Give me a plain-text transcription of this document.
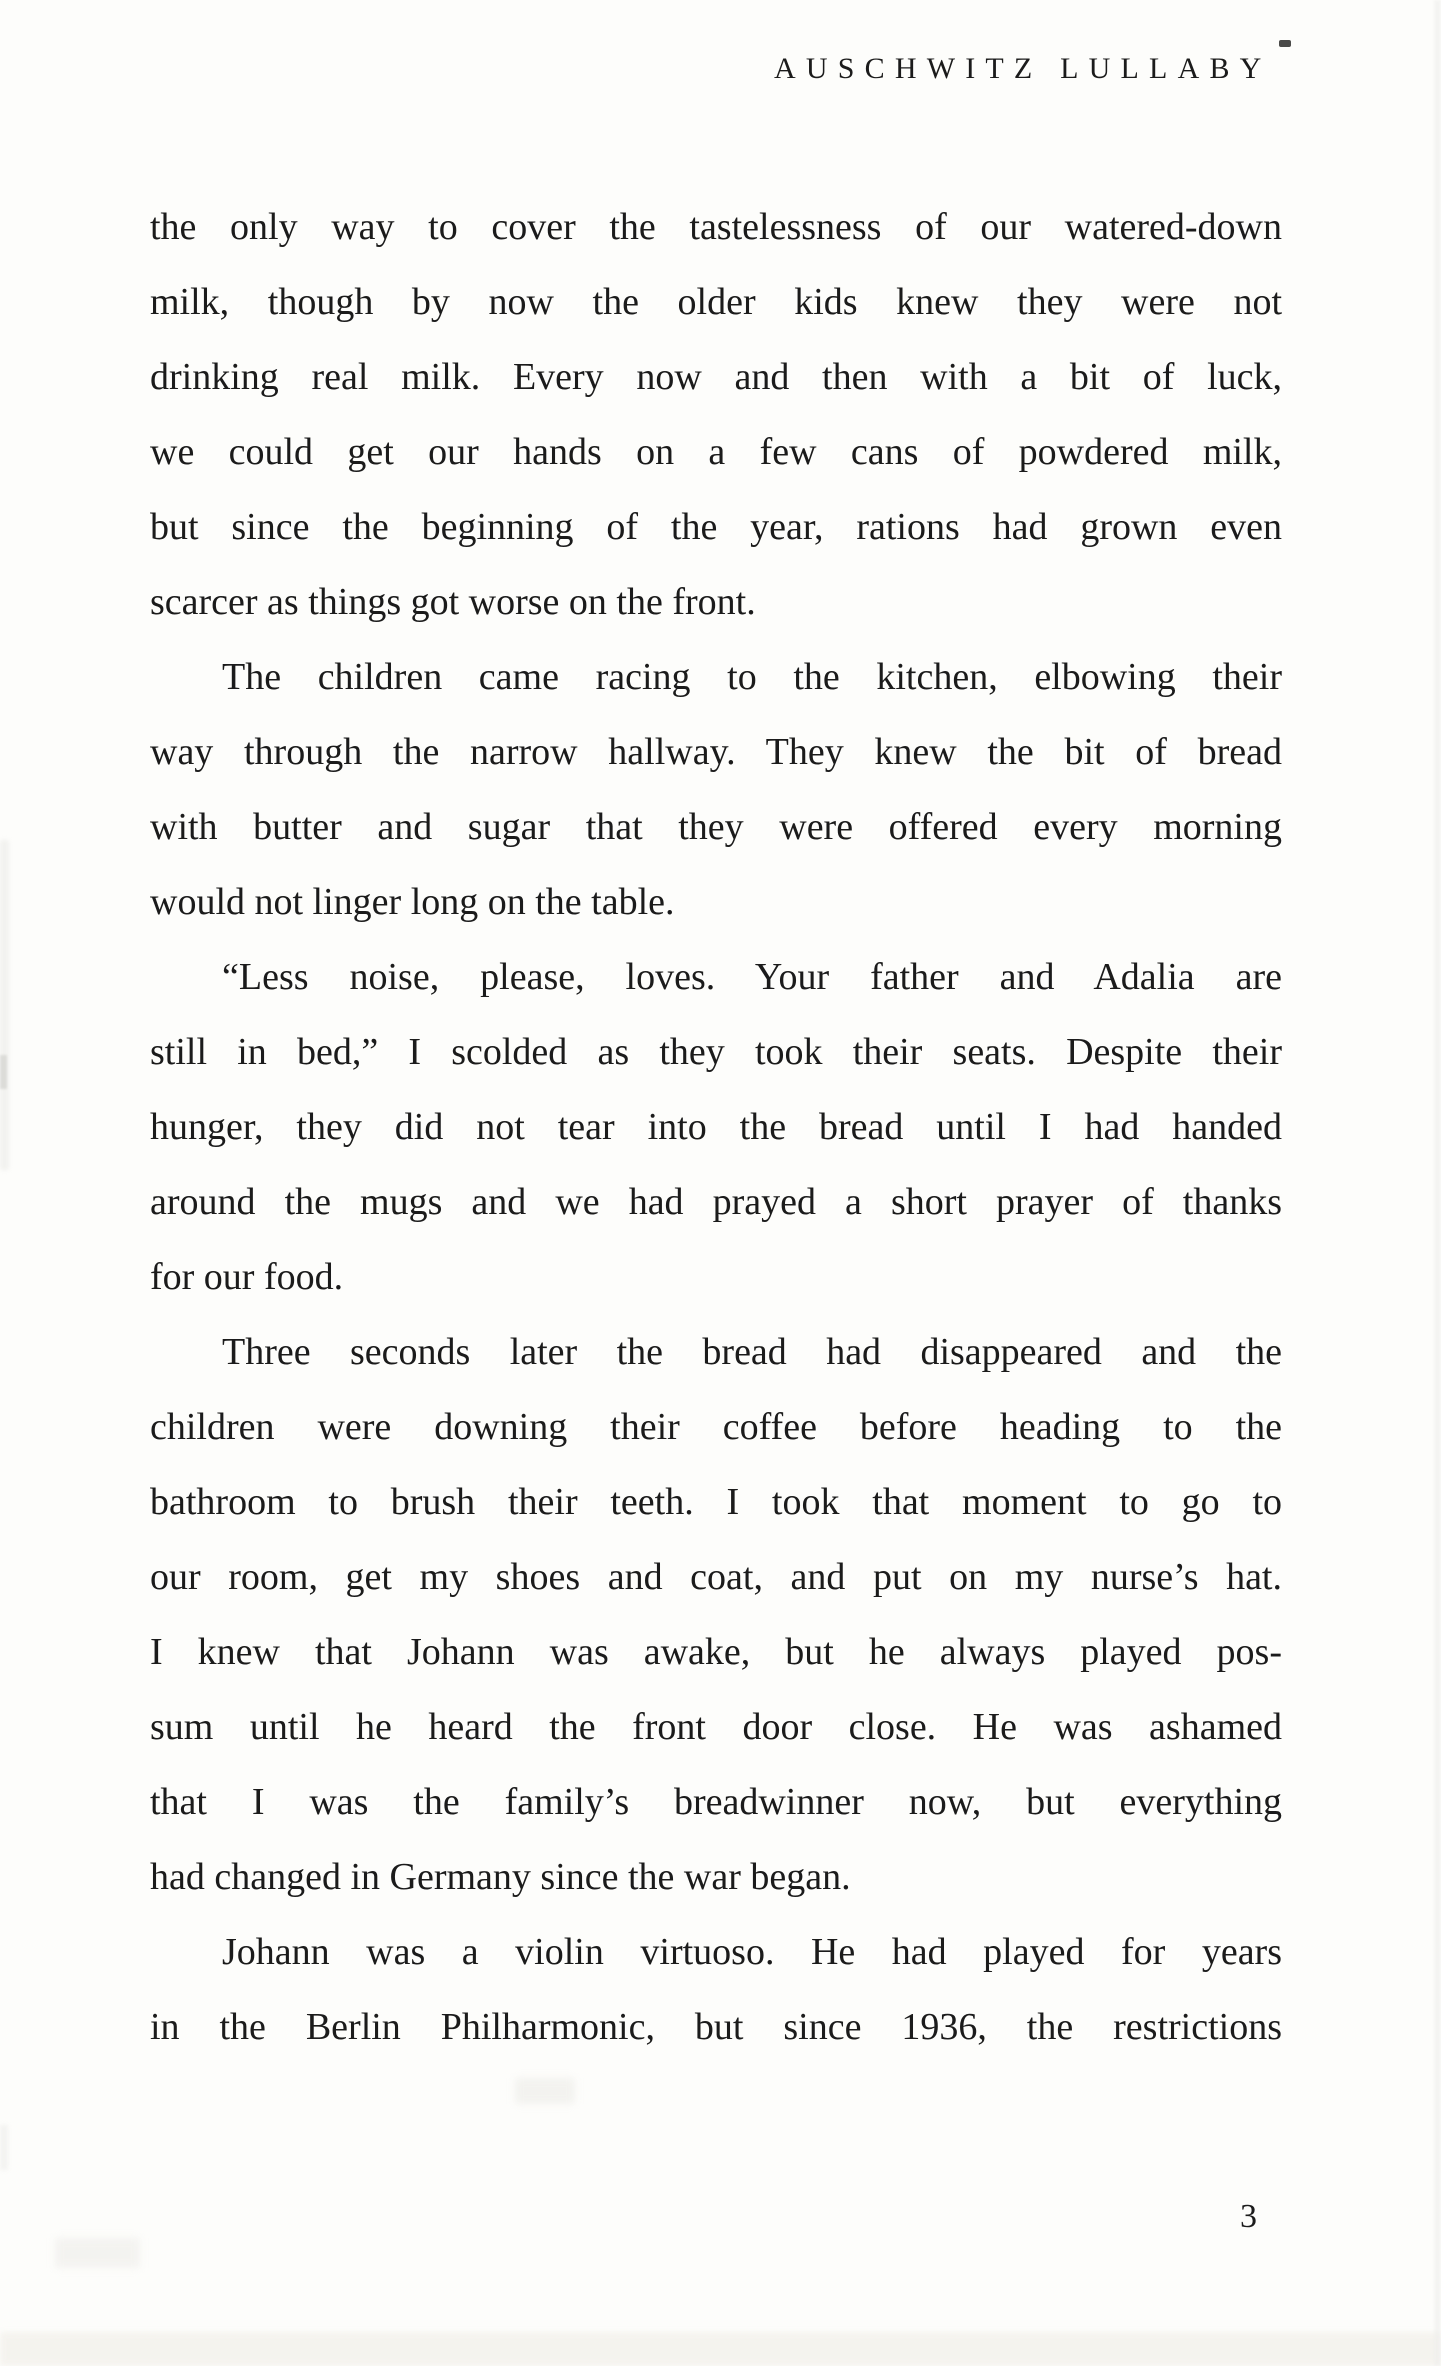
AUSCHWITZ LULLABY
the only way to cover the tastelessness of our watered-down
milk, though by now the older kids knew they were not
drinking real milk. Every now and then with a bit of luck,
we could get our hands on a few cans of powdered milk,
but since the beginning of the year, rations had grown even
scarcer as things got worse on the front.
The children came racing to the kitchen, elbowing their
way through the narrow hallway. They knew the bit of bread
with butter and sugar that they were offered every morning
would not linger long on the table.
“Less noise, please, loves. Your father and Adalia are
still in bed,” I scolded as they took their seats. Despite their
hunger, they did not tear into the bread until I had handed
around the mugs and we had prayed a short prayer of thanks
for our food.
Three seconds later the bread had disappeared and the
children were downing their coffee before heading to the
bathroom to brush their teeth. I took that moment to go to
our room, get my shoes and coat, and put on my nurse’s hat.
I knew that Johann was awake, but he always played pos-
sum until he heard the front door close. He was ashamed
that I was the family’s breadwinner now, but everything
had changed in Germany since the war began.
Johann was a violin virtuoso. He had played for years
in the Berlin Philharmonic, but since 1936, the restrictions
3
